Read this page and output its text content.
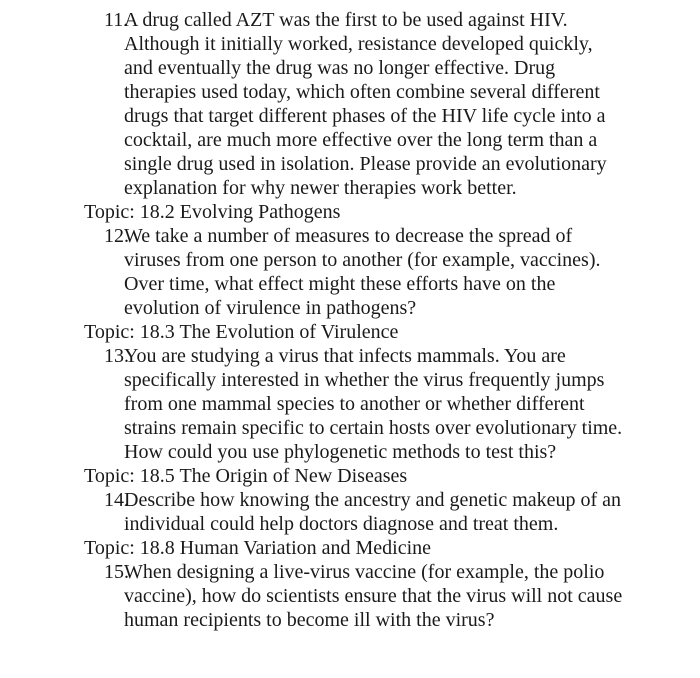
11.
A drug called AZT was the first to be used against HIV. Although it initially worked, resistance developed quickly, and eventually the drug was no longer effective. Drug therapies used today, which often combine several different drugs that target different phases of the HIV life cycle into a cocktail, are much more effective over the long term than a single drug used in isolation. Please provide an evolutionary explanation for why newer therapies work better.
Topic: 18.2 Evolving Pathogens
12.
We take a number of measures to decrease the spread of viruses from one person to another (for example, vaccines). Over time, what effect might these efforts have on the evolution of virulence in pathogens?
Topic: 18.3 The Evolution of Virulence
13.
You are studying a virus that infects mammals. You are specifically interested in whether the virus frequently jumps from one mammal species to another or whether different strains remain specific to certain hosts over evolutionary time. How could you use phylogenetic methods to test this?
Topic: 18.5 The Origin of New Diseases
14.
Describe how knowing the ancestry and genetic makeup of an individual could help doctors diagnose and treat them.
Topic: 18.8 Human Variation and Medicine
15.
When designing a live-virus vaccine (for example, the polio vaccine), how do scientists ensure that the virus will not cause human recipients to become ill with the virus?
